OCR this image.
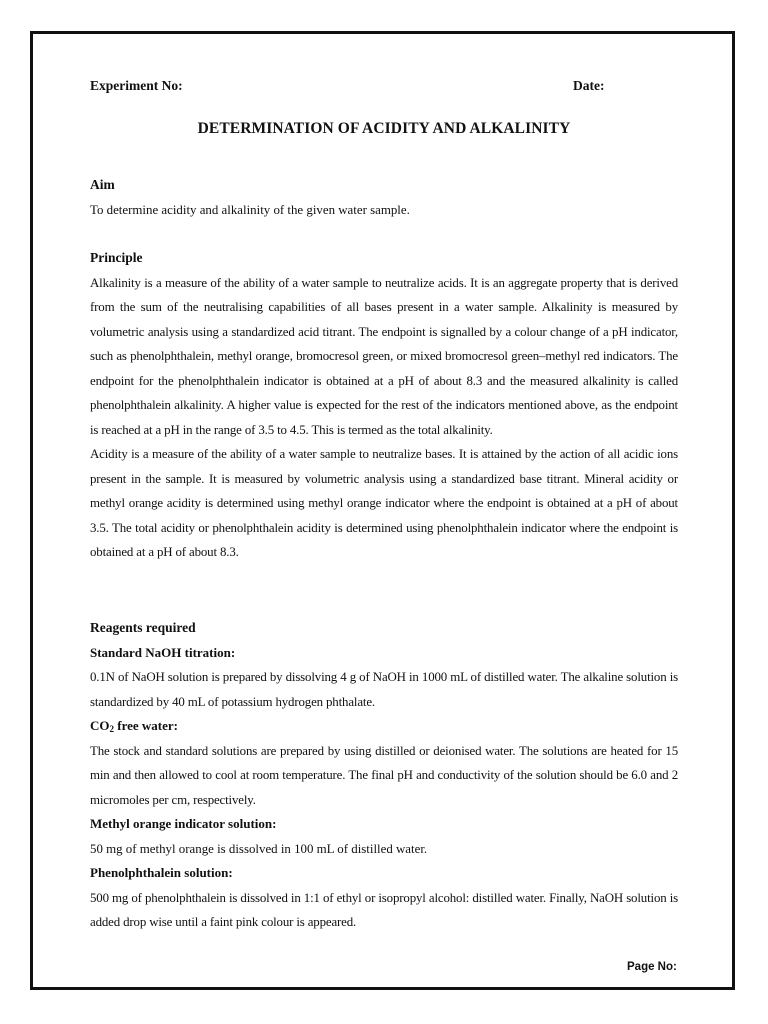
Experiment No:	Date:
DETERMINATION OF ACIDITY AND ALKALINITY
Aim

To determine acidity and alkalinity of the given water sample.

Principle

Alkalinity is a measure of the ability of a water sample to neutralize acids. It is an aggregate property that is derived from the sum of the neutralising capabilities of all bases present in a water sample. Alkalinity is measured by volumetric analysis using a standardized acid titrant. The endpoint is signalled by a colour change of a pH indicator, such as phenolphthalein, methyl orange, bromocresol green, or mixed bromocresol green–methyl red indicators. The endpoint for the phenolphthalein indicator is obtained at a pH of about 8.3 and the measured alkalinity is called phenolphthalein alkalinity. A higher value is expected for the rest of the indicators mentioned above, as the endpoint is reached at a pH in the range of 3.5 to 4.5. This is termed as the total alkalinity.

Acidity is a measure of the ability of a water sample to neutralize bases. It is attained by the action of all acidic ions present in the sample. It is measured by volumetric analysis using a standardized base titrant. Mineral acidity or methyl orange acidity is determined using methyl orange indicator where the endpoint is obtained at a pH of about 3.5. The total acidity or phenolphthalein acidity is determined using phenolphthalein indicator where the endpoint is obtained at a pH of about 8.3.

Reagents required
Standard NaOH titration:

0.1N of NaOH solution is prepared by dissolving 4 g of NaOH in 1000 mL of distilled water. The alkaline solution is standardized by 40 mL of potassium hydrogen phthalate.

$CO_2$ free water:

The stock and standard solutions are prepared by using distilled or deionised water. The solutions are heated for 15 min and then allowed to cool at room temperature. The final pH and conductivity of the solution should be 6.0 and 2 micromoles per cm, respectively.

Methyl orange indicator solution:

50 mg of methyl orange is dissolved in 100 mL of distilled water.

Phenolphthalein solution:

500 mg of phenolphthalein is dissolved in 1:1 of ethyl or isopropyl alcohol: distilled water. Finally, NaOH solution is added drop wise until a faint pink colour is appeared.

Page No:
